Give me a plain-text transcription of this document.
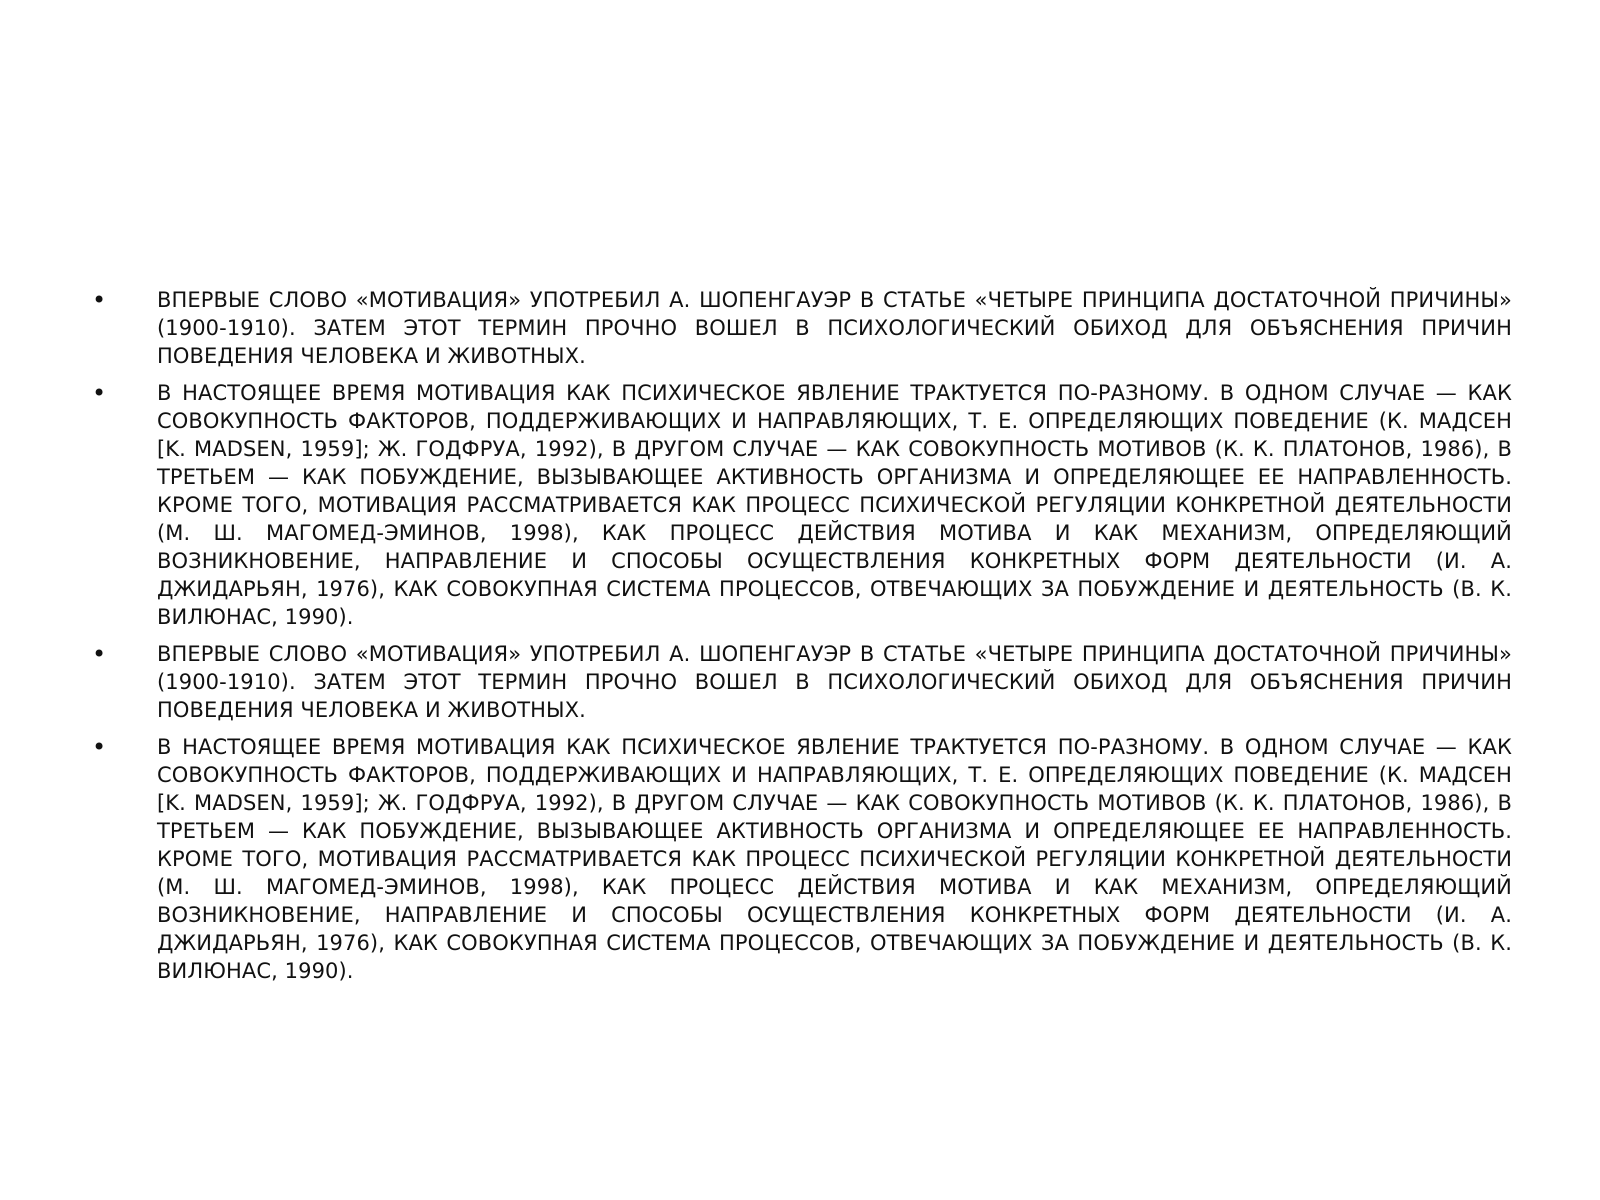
• ВПЕРВЫЕ СЛОВО «МОТИВАЦИЯ» УПОТРЕБИЛ А. ШОПЕНГАУЭР В СТАТЬЕ «ЧЕТЫРЕ ПРИНЦИПА ДОСТАТОЧНОЙ ПРИЧИНЫ» (1900-1910). ЗАТЕМ ЭТОТ ТЕРМИН ПРОЧНО ВОШЕЛ В ПСИХОЛОГИЧЕСКИЙ ОБИХОД ДЛЯ ОБЪЯСНЕНИЯ ПРИЧИН ПОВЕДЕНИЯ ЧЕЛОВЕКА И ЖИВОТНЫХ.
• В НАСТОЯЩЕЕ ВРЕМЯ МОТИВАЦИЯ КАК ПСИХИЧЕСКОЕ ЯВЛЕНИЕ ТРАКТУЕТСЯ ПО-РАЗНОМУ. В ОДНОМ СЛУЧАЕ — КАК СОВОКУПНОСТЬ ФАКТОРОВ, ПОДДЕРЖИВАЮЩИХ И НАПРАВЛЯЮЩИХ, Т. Е. ОПРЕДЕЛЯЮЩИХ ПОВЕДЕНИЕ (К. МАДСЕН [K. MADSEN, 1959]; Ж. ГОДФРУА, 1992), В ДРУГОМ СЛУЧАЕ — КАК СОВОКУПНОСТЬ МОТИВОВ (К. К. ПЛАТОНОВ, 1986), В ТРЕТЬЕМ — КАК ПОБУЖДЕНИЕ, ВЫЗЫВАЮЩЕЕ АКТИВНОСТЬ ОРГАНИЗМА И ОПРЕДЕЛЯЮЩЕЕ ЕЕ НАПРАВЛЕННОСТЬ. КРОМЕ ТОГО, МОТИВАЦИЯ РАССМАТРИВАЕТСЯ КАК ПРОЦЕСС ПСИХИЧЕСКОЙ РЕГУЛЯЦИИ КОНКРЕТНОЙ ДЕЯТЕЛЬНОСТИ (М. Ш. МАГОМЕД-ЭМИНОВ, 1998), КАК ПРОЦЕСС ДЕЙСТВИЯ МОТИВА И КАК МЕХАНИЗМ, ОПРЕДЕЛЯЮЩИЙ ВОЗНИКНОВЕНИЕ, НАПРАВЛЕНИЕ И СПОСОБЫ ОСУЩЕСТВЛЕНИЯ КОНКРЕТНЫХ ФОРМ ДЕЯТЕЛЬНОСТИ (И. А. ДЖИДАРЬЯН, 1976), КАК СОВОКУПНАЯ СИСТЕМА ПРОЦЕССОВ, ОТВЕЧАЮЩИХ ЗА ПОБУЖДЕНИЕ И ДЕЯТЕЛЬНОСТЬ (В. К. ВИЛЮНАС, 1990).
• ВПЕРВЫЕ СЛОВО «МОТИВАЦИЯ» УПОТРЕБИЛ А. ШОПЕНГАУЭР В СТАТЬЕ «ЧЕТЫРЕ ПРИНЦИПА ДОСТАТОЧНОЙ ПРИЧИНЫ» (1900-1910). ЗАТЕМ ЭТОТ ТЕРМИН ПРОЧНО ВОШЕЛ В ПСИХОЛОГИЧЕСКИЙ ОБИХОД ДЛЯ ОБЪЯСНЕНИЯ ПРИЧИН ПОВЕДЕНИЯ ЧЕЛОВЕКА И ЖИВОТНЫХ.
• В НАСТОЯЩЕЕ ВРЕМЯ МОТИВАЦИЯ КАК ПСИХИЧЕСКОЕ ЯВЛЕНИЕ ТРАКТУЕТСЯ ПО-РАЗНОМУ. В ОДНОМ СЛУЧАЕ — КАК СОВОКУПНОСТЬ ФАКТОРОВ, ПОДДЕРЖИВАЮЩИХ И НАПРАВЛЯЮЩИХ, Т. Е. ОПРЕДЕЛЯЮЩИХ ПОВЕДЕНИЕ (К. МАДСЕН [K. MADSEN, 1959]; Ж. ГОДФРУА, 1992), В ДРУГОМ СЛУЧАЕ — КАК СОВОКУПНОСТЬ МОТИВОВ (К. К. ПЛАТОНОВ, 1986), В ТРЕТЬЕМ — КАК ПОБУЖДЕНИЕ, ВЫЗЫВАЮЩЕЕ АКТИВНОСТЬ ОРГАНИЗМА И ОПРЕДЕЛЯЮЩЕЕ ЕЕ НАПРАВЛЕННОСТЬ. КРОМЕ ТОГО, МОТИВАЦИЯ РАССМАТРИВАЕТСЯ КАК ПРОЦЕСС ПСИХИЧЕСКОЙ РЕГУЛЯЦИИ КОНКРЕТНОЙ ДЕЯТЕЛЬНОСТИ (М. Ш. МАГОМЕД-ЭМИНОВ, 1998), КАК ПРОЦЕСС ДЕЙСТВИЯ МОТИВА И КАК МЕХАНИЗМ, ОПРЕДЕЛЯЮЩИЙ ВОЗНИКНОВЕНИЕ, НАПРАВЛЕНИЕ И СПОСОБЫ ОСУЩЕСТВЛЕНИЯ КОНКРЕТНЫХ ФОРМ ДЕЯТЕЛЬНОСТИ (И. А. ДЖИДАРЬЯН, 1976), КАК СОВОКУПНАЯ СИСТЕМА ПРОЦЕССОВ, ОТВЕЧАЮЩИХ ЗА ПОБУЖДЕНИЕ И ДЕЯТЕЛЬНОСТЬ (В. К. ВИЛЮНАС, 1990).
